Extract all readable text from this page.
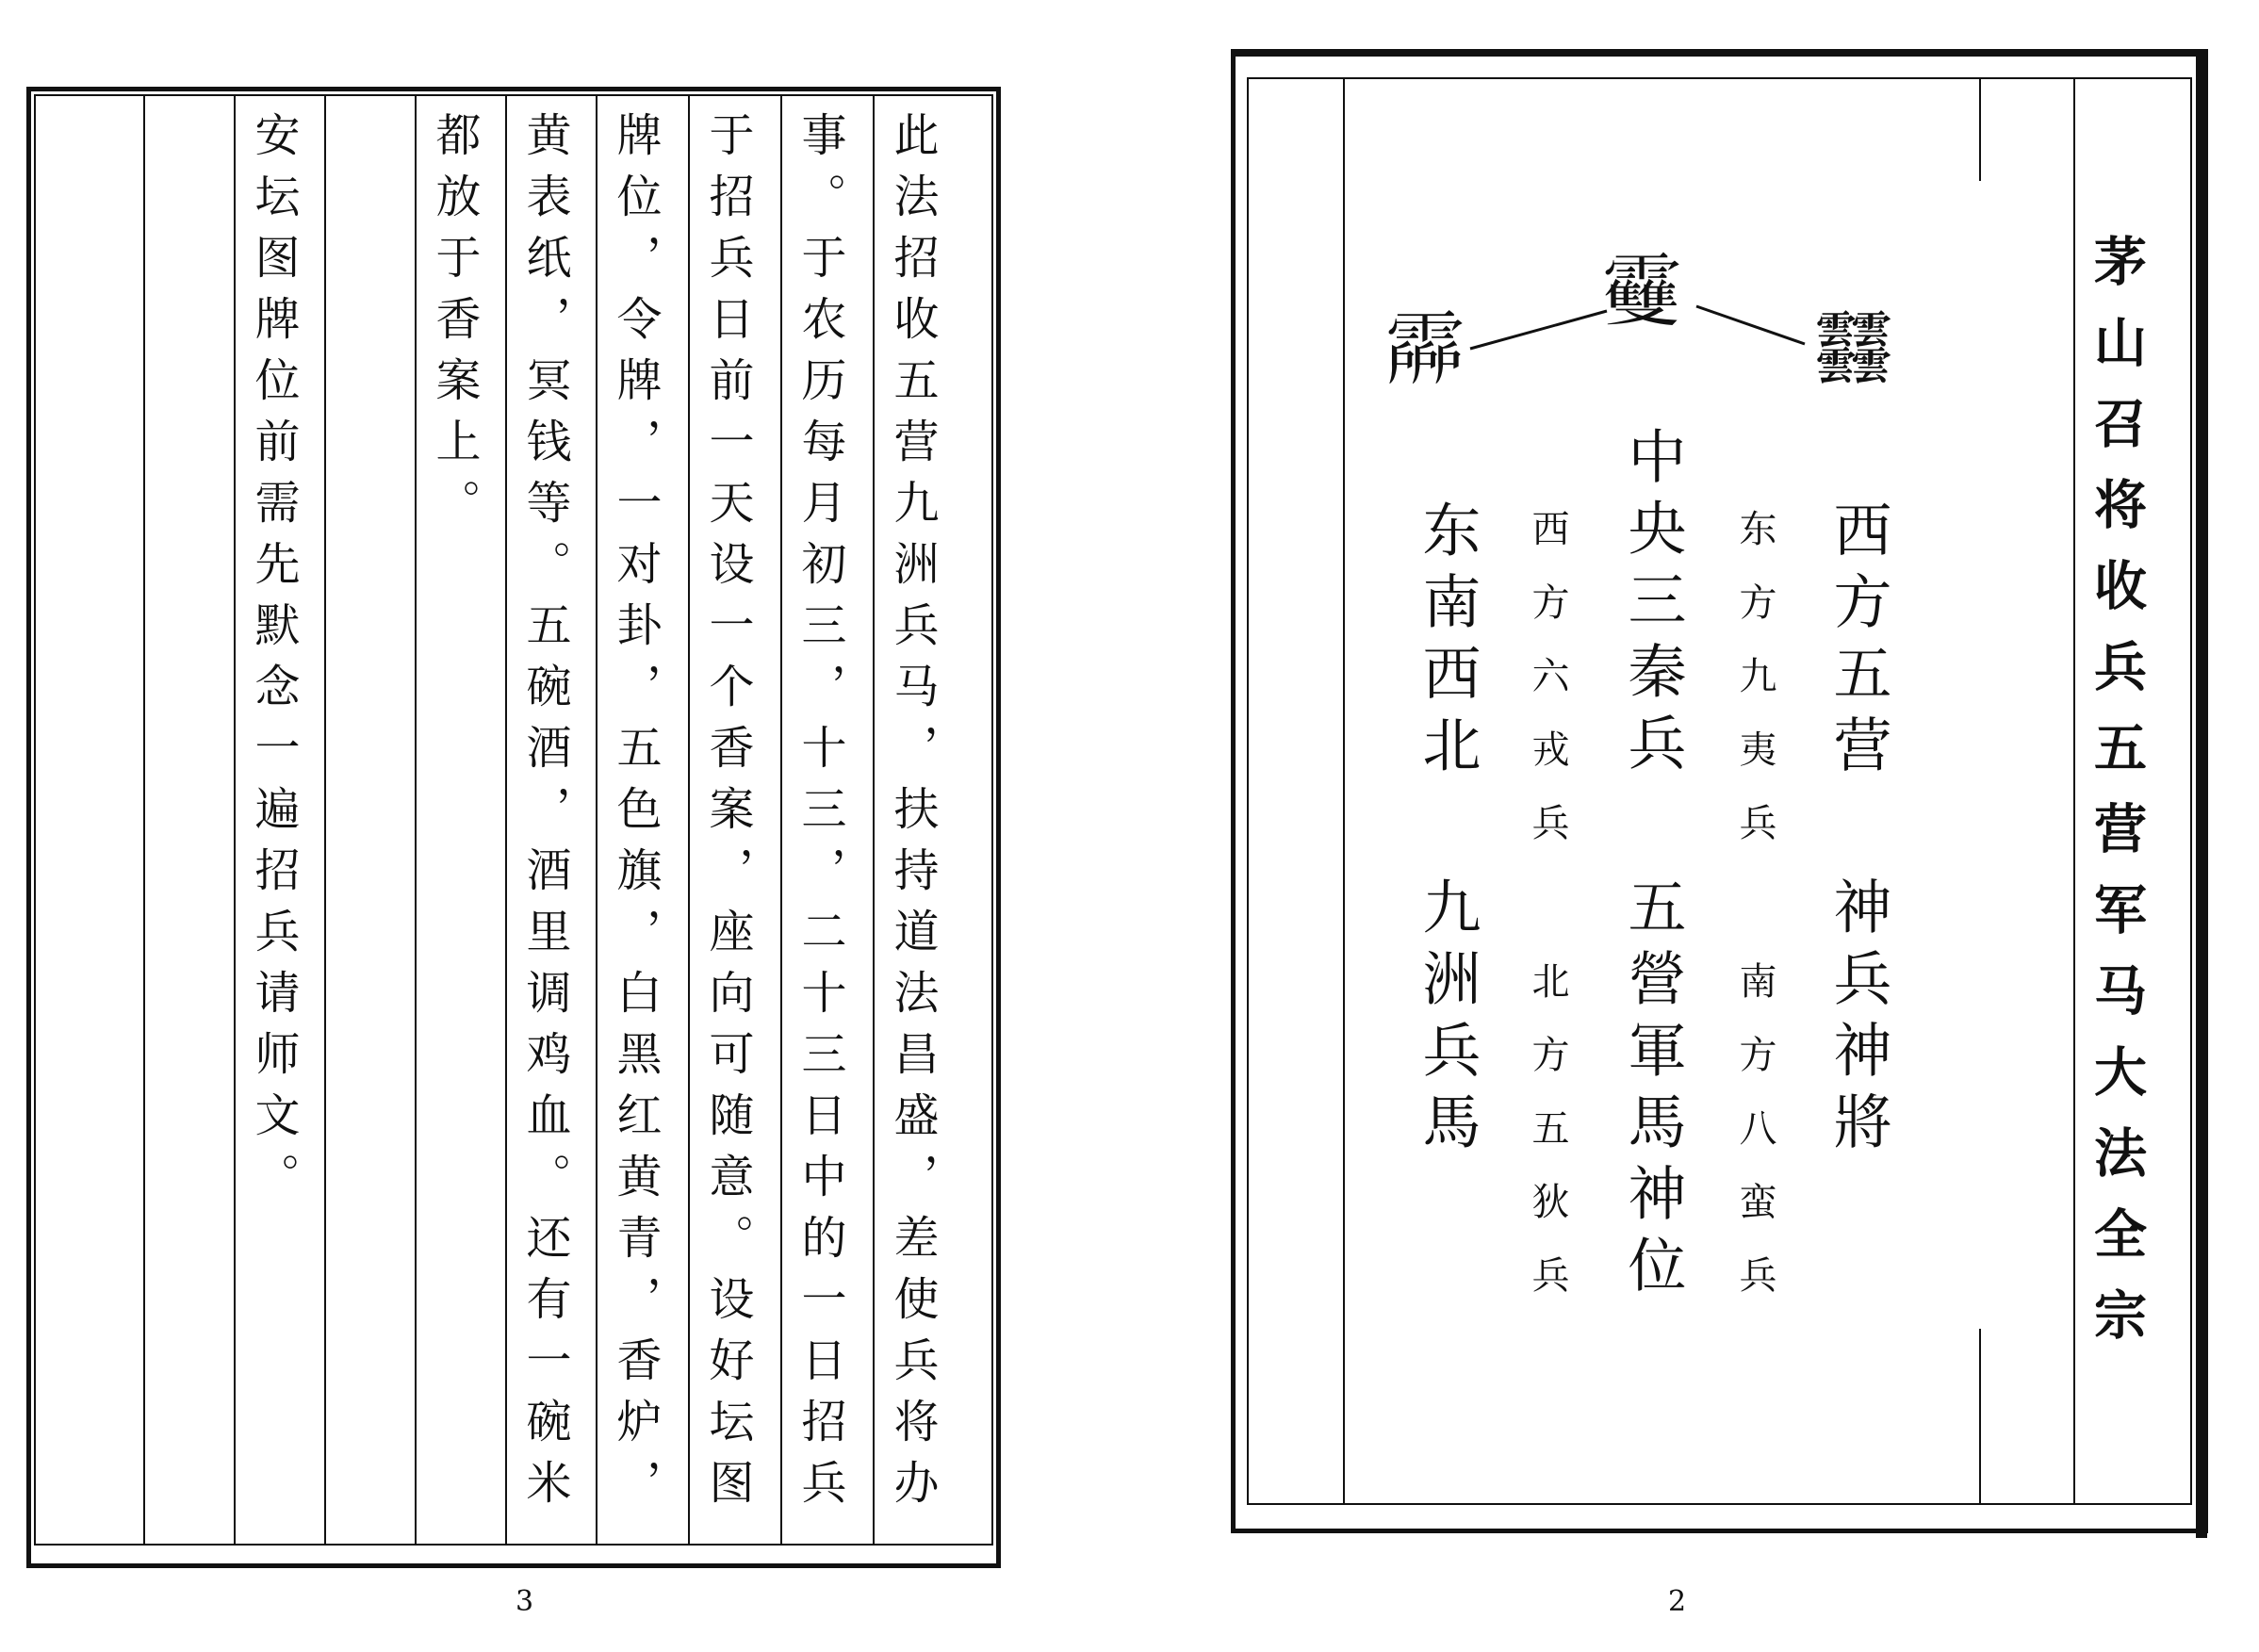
此法招收五营九洲兵马，扶持道法昌盛，差使兵将办
事。于农历每月初三，十三，二十三日中的一日招兵
于招兵日前一天设一个香案，座向可随意。设好坛图
牌位，令牌，一对卦，五色旗，白黑红黄青，香炉，
黄表纸，冥钱等。五碗酒，酒里调鸡血。还有一碗米
都放于香案上。
安坛图牌位前需先默念一遍招兵请师文。
3
茅山召将收兵五营军马大法全宗
𩅶
𩆿
𩇔
西方五营
神兵神將
东方九夷兵
南方八蛮兵
中央三秦兵
五營軍馬神位
西方六戎兵
北方五狄兵
东南西北
九洲兵馬
2
